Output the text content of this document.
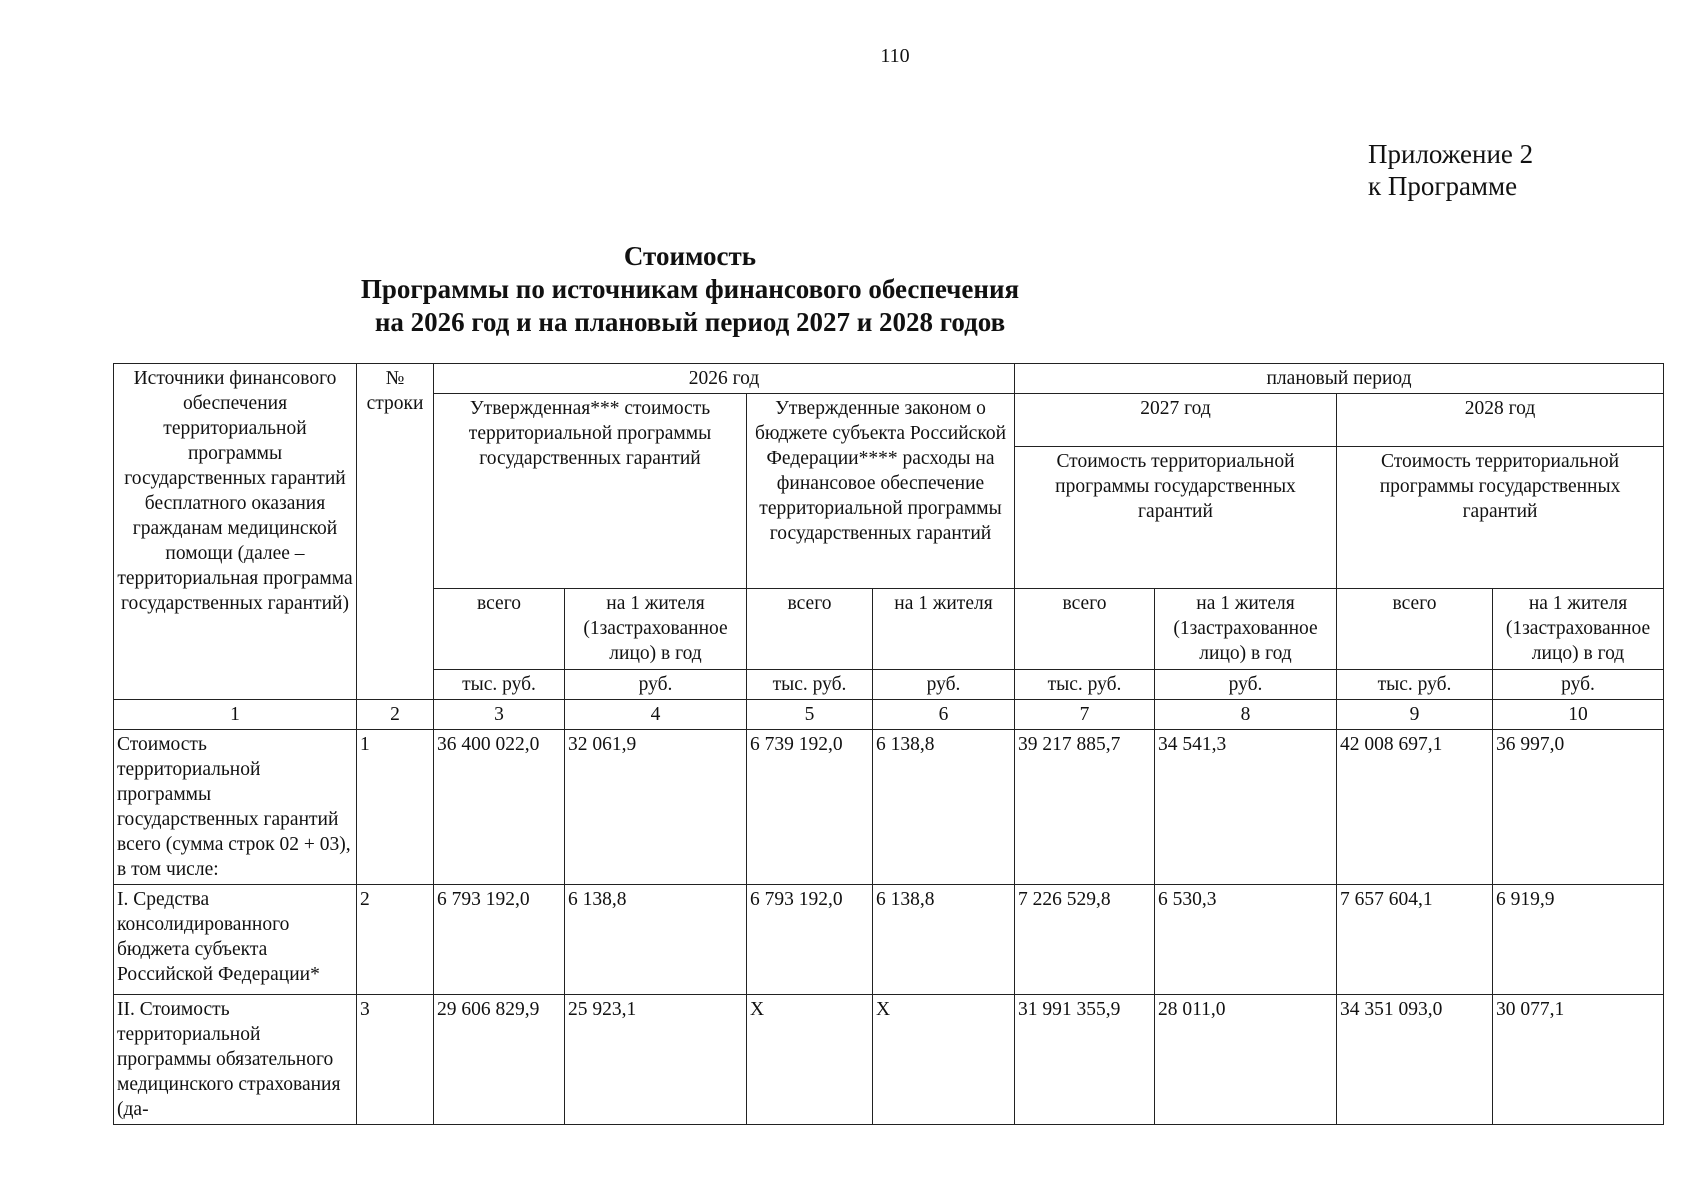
110
Приложение 2
к Программе
Стоимость
Программы по источникам финансового обеспечения
на 2026 год и на плановый период 2027 и 2028 годов
Источники финансового обеспечения территориальной программы государственных гарантий бесплатного оказания гражданам медицинской помощи (далее – территориальная программа государственных гарантий)	№ строки	2026 год				плановый период			
		Утвержденная*** стоимость территориальной программы государственных гарантий		Утвержденные законом о бюджете субъекта Российской Федерации**** расходы на финансовое обеспечение территориальной программы государственных гарантий		2027 год		2028 год	
						Стоимость территориальной программы государственных гарантий		Стоимость территориальной программы государственных гарантий	
		всего	на 1 жителя (1застрахованное лицо) в год	всего	на 1 жителя	всего	на 1 жителя (1застрахованное лицо) в год	всего	на 1 жителя (1застрахованное лицо) в год
		тыс. руб.	руб.	тыс. руб.	руб.	тыс. руб.	руб.	тыс. руб.	руб.
1	2	3	4	5	6	7	8	9	10
Стоимость территориальной программы государственных гарантий всего (сумма строк 02 + 03), в том числе:	1	36 400 022,0	32 061,9	6 739 192,0	6 138,8	39 217 885,7	34 541,3	42 008 697,1	36 997,0
I. Средства консолидированного бюджета субъекта Российской Федерации*	2	6 793 192,0	6 138,8	6 793 192,0	6 138,8	7 226 529,8	6 530,3	7 657 604,1	6 919,9
II. Стоимость территориальной программы обязательного медицинского страхования (да-	3	29 606 829,9	25 923,1	X	X	31 991 355,9	28 011,0	34 351 093,0	30 077,1
